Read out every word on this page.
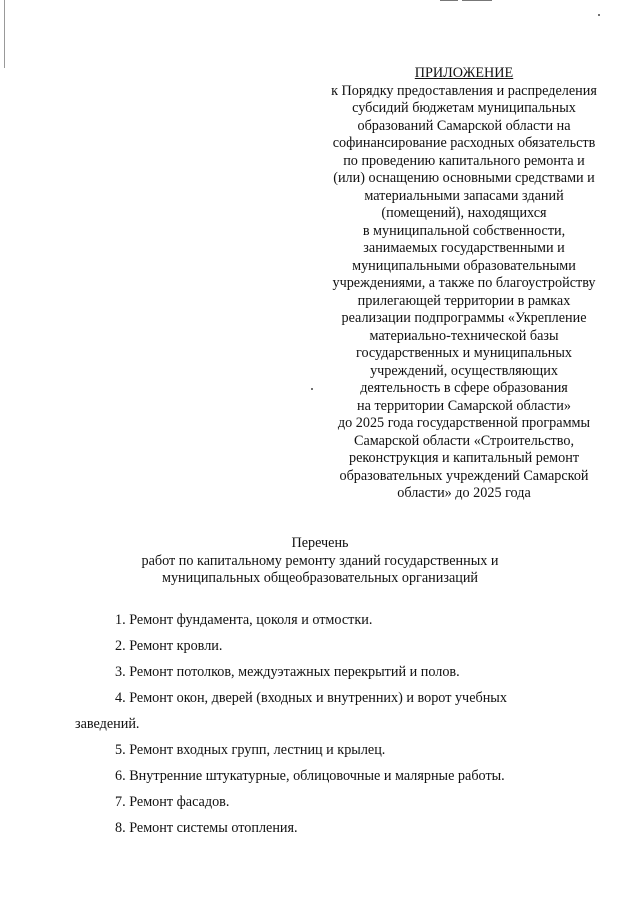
ПРИЛОЖЕНИЕ
к Порядку предоставления и распределения
субсидий бюджетам муниципальных
образований Самарской области на
софинансирование расходных обязательств
по проведению капитального ремонта и
(или) оснащению основными средствами и
материальными запасами зданий
(помещений), находящихся
в муниципальной собственности,
занимаемых государственными и
муниципальными образовательными
учреждениями, а также по благоустройству
прилегающей территории в рамках
реализации подпрограммы «Укрепление
материально-технической базы
государственных и муниципальных
учреждений, осуществляющих
деятельность в сфере образования
на территории Самарской области»
до 2025 года государственной программы
Самарской области «Строительство,
реконструкция и капитальный ремонт
образовательных учреждений Самарской
области» до 2025 года
Перечень
работ по капитальному ремонту зданий государственных и
муниципальных общеобразовательных организаций
1. Ремонт фундамента, цоколя и отмостки.
2. Ремонт кровли.
3. Ремонт потолков, междуэтажных перекрытий и полов.
4. Ремонт окон, дверей (входных и внутренних) и ворот учебных
заведений.
5. Ремонт входных групп, лестниц и крылец.
6. Внутренние штукатурные, облицовочные и малярные работы.
7. Ремонт фасадов.
8. Ремонт системы отопления.
